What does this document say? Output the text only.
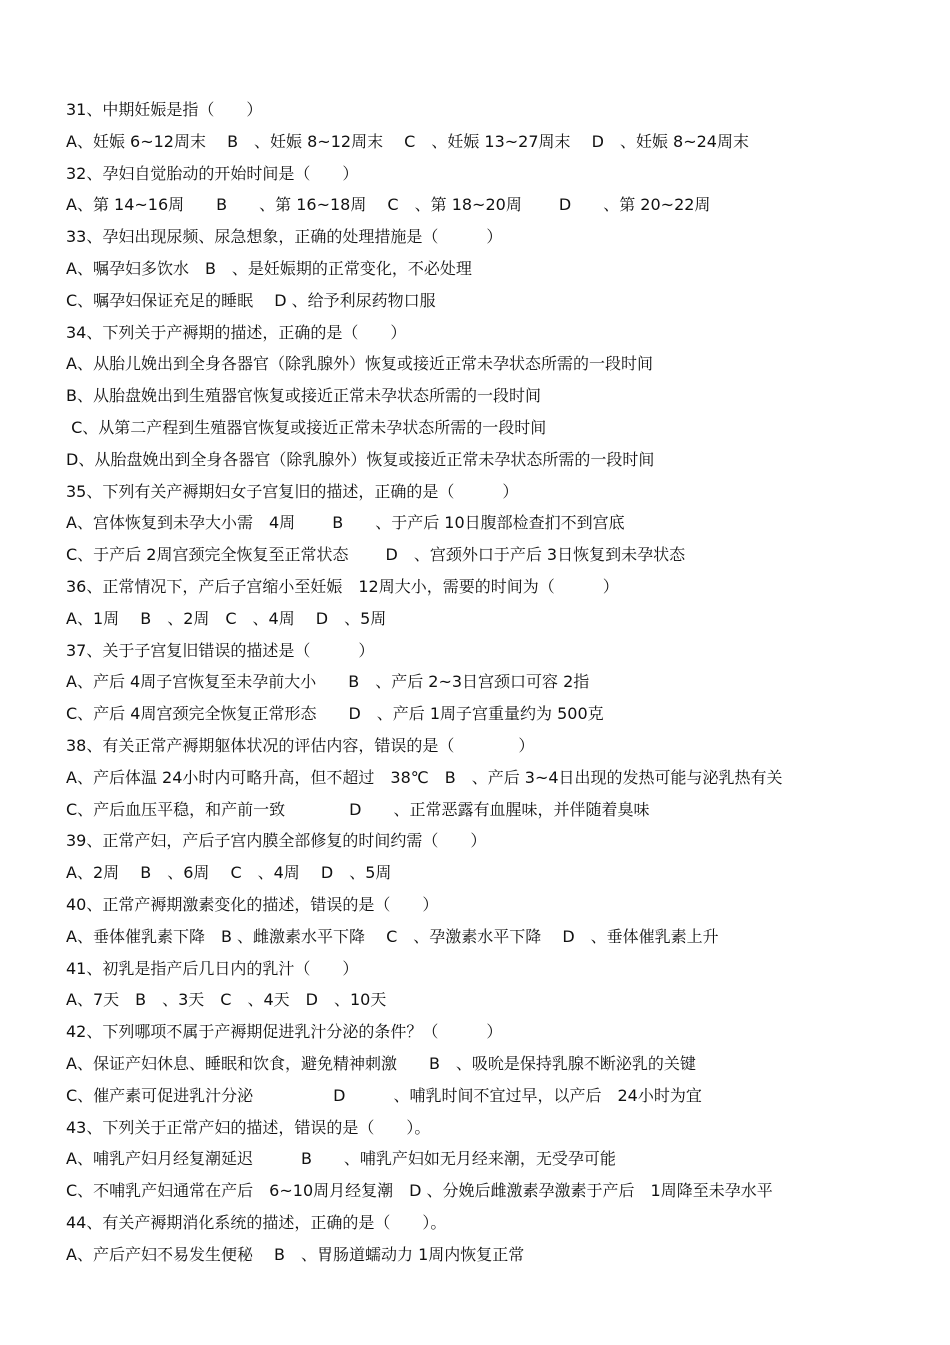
31、中期妊娠是指（　　）
A、妊娠 6~12周末　 B　、妊娠 8~12周末　 C　、妊娠 13~27周末　 D　、妊娠 8~24周末
32、孕妇自觉胎动的开始时间是（　　）
A、第 14~16周　　B　　、第 16~18周　 C　、第 18~20周　　 D　　、第 20~22周
33、孕妇出现尿频、尿急想象，正确的处理措施是（　　　）
A、嘱孕妇多饮水　B　、是妊娠期的正常变化，不必处理
C、嘱孕妇保证充足的睡眠　 D 、给予利尿药物口服
34、下列关于产褥期的描述，正确的是（　　）
A、从胎儿娩出到全身各器官（除乳腺外）恢复或接近正常未孕状态所需的一段时间
B、从胎盘娩出到生殖器官恢复或接近正常未孕状态所需的一段时间
C、从第二产程到生殖器官恢复或接近正常未孕状态所需的一段时间
D、从胎盘娩出到全身各器官（除乳腺外）恢复或接近正常未孕状态所需的一段时间
35、下列有关产褥期妇女子宫复旧的描述，正确的是（　　　）
A、宫体恢复到未孕大小需　4周　　 B　　、于产后 10日腹部检查扪不到宫底
C、于产后 2周宫颈完全恢复至正常状态　　 D　、宫颈外口于产后 3日恢复到未孕状态
36、正常情况下，产后子宫缩小至妊娠　12周大小，需要的时间为（　　　）
A、1周　 B　、2周　C　、4周　 D　、5周
37、关于子宫复旧错误的描述是（　　　）
A、产后 4周子宫恢复至未孕前大小　　B　、产后 2~3日宫颈口可容 2指
C、产后 4周宫颈完全恢复正常形态　　D　、产后 1周子宫重量约为 500克
38、有关正常产褥期躯体状况的评估内容，错误的是（　　　　）
A、产后体温 24小时内可略升高，但不超过　38℃　B　、产后 3~4日出现的发热可能与泌乳热有关
C、产后血压平稳，和产前一致　　　　D　　、正常恶露有血腥味，并伴随着臭味
39、正常产妇，产后子宫内膜全部修复的时间约需（　　）
A、2周　 B　、6周　 C　、4周　 D　、5周
40、正常产褥期激素变化的描述，错误的是（　　）
A、垂体催乳素下降　B 、雌激素水平下降　 C　、孕激素水平下降　 D　、垂体催乳素上升
41、初乳是指产后几日内的乳汁（　　）
A、7天　B　、3天　C　、4天　D　、10天
42、下列哪项不属于产褥期促进乳汁分泌的条件？（　　　）
A、保证产妇休息、睡眠和饮食，避免精神刺激　　B　、吸吮是保持乳腺不断泌乳的关键
C、催产素可促进乳汁分泌　　　　　D　　　、哺乳时间不宜过早，以产后　24小时为宜
43、下列关于正常产妇的描述，错误的是（　　）。
A、哺乳产妇月经复潮延迟　　　B　　、哺乳产妇如无月经来潮，无受孕可能
C、不哺乳产妇通常在产后　6~10周月经复潮　D 、分娩后雌激素孕激素于产后　1周降至未孕水平
44、有关产褥期消化系统的描述，正确的是（　　）。
A、产后产妇不易发生便秘　 B　、胃肠道蠕动力 1周内恢复正常
